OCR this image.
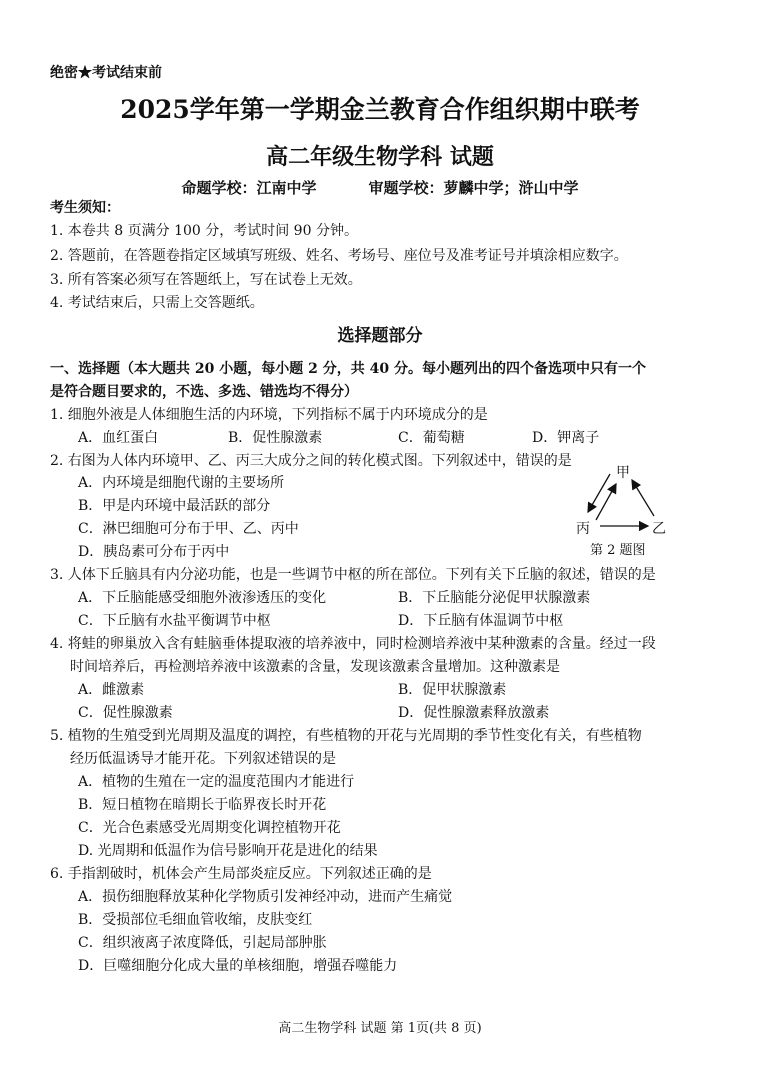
绝密★考试结束前
2025学年第一学期金兰教育合作组织期中联考
高二年级生物学科 试题
命题学校：江南中学	审题学校：萝麟中学；浒山中学
考生须知：
1. 本卷共 8 页满分 100 分，考试时间 90 分钟。
2. 答题前，在答题卷指定区域填写班级、姓名、考场号、座位号及准考证号并填涂相应数字。
3. 所有答案必须写在答题纸上，写在试卷上无效。
4. 考试结束后，只需上交答题纸。
选择题部分
一、选择题（本大题共 20 小题，每小题 2 分，共 40 分。每小题列出的四个备选项中只有一个
是符合题目要求的，不选、多选、错选均不得分）
1. 细胞外液是人体细胞生活的内环境，下列指标不属于内环境成分的是
A．血红蛋白	B．促性腺激素	C．葡萄糖	D．钾离子
2. 右图为人体内环境甲、乙、丙三大成分之间的转化模式图。下列叙述中，错误的是
A．内环境是细胞代谢的主要场所
B．甲是内环境中最活跃的部分
C．淋巴细胞可分布于甲、乙、丙中
D．胰岛素可分布于丙中
甲
丙	乙
第 2 题图
3. 人体下丘脑具有内分泌功能，也是一些调节中枢的所在部位。下列有关下丘脑的叙述，错误的是
A．下丘脑能感受细胞外液渗透压的变化	B．下丘脑能分泌促甲状腺激素
C．下丘脑有水盐平衡调节中枢	D．下丘脑有体温调节中枢
4. 将蛙的卵巢放入含有蛙脑垂体提取液的培养液中，同时检测培养液中某种激素的含量。经过一段
时间培养后，再检测培养液中该激素的含量，发现该激素含量增加。这种激素是
A．雌激素	B．促甲状腺激素
C．促性腺激素	D．促性腺激素释放激素
5. 植物的生殖受到光周期及温度的调控，有些植物的开花与光周期的季节性变化有关，有些植物
经历低温诱导才能开花。下列叙述错误的是
A．植物的生殖在一定的温度范围内才能进行
B．短日植物在暗期长于临界夜长时开花
C．光合色素感受光周期变化调控植物开花
D. 光周期和低温作为信号影响开花是进化的结果
6. 手指割破时，机体会产生局部炎症反应。下列叙述正确的是
A．损伤细胞释放某种化学物质引发神经冲动，进而产生痛觉
B．受损部位毛细血管收缩，皮肤变红
C．组织液离子浓度降低，引起局部肿胀
D．巨噬细胞分化成大量的单核细胞，增强吞噬能力
高二生物学科 试题 第 1页(共 8 页)
